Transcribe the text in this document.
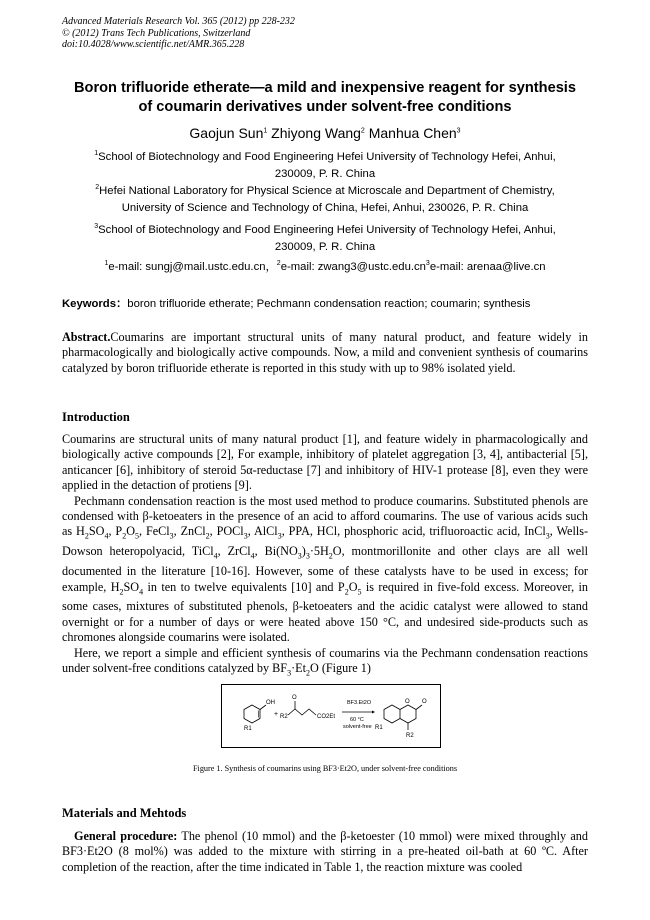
Advanced Materials Research Vol. 365 (2012) pp 228-232
© (2012) Trans Tech Publications, Switzerland
doi:10.4028/www.scientific.net/AMR.365.228
Boron trifluoride etherate—a mild and inexpensive reagent for synthesis
of coumarin derivatives under solvent-free conditions
Gaojun Sun$^1$ Zhiyong Wang$^2$ Manhua Chen$^3$
$^1$School of Biotechnology and Food Engineering Hefei University of Technology Hefei, Anhui,
230009, P. R. China
$^2$Hefei National Laboratory for Physical Science at Microscale and Department of Chemistry,
University of Science and Technology of China, Hefei, Anhui, 230026, P. R. China
$^3$School of Biotechnology and Food Engineering Hefei University of Technology Hefei, Anhui,
230009, P. R. China
$^1$e-mail: sungj@mail.ustc.edu.cn，$^2$e-mail: $zwang3@ustc.edu.cn^3e$-mail: arenaa@live.cn
Keywords：boron trifluoride etherate; Pechmann condensation reaction; coumarin; synthesis

Abstract.Coumarins are important structural units of many natural product, and feature widely in pharmacologically and biologically active compounds. Now, a mild and convenient synthesis of coumarins catalyzed by boron trifluoride etherate is reported in this study with up to 98% isolated yield.

Introduction

Coumarins are structural units of many natural product [1], and feature widely in pharmacologically and biologically active compounds [2], For example, inhibitory of platelet aggregation [3, 4], antibacterial [5], anticancer [6], inhibitory of steroid 5α-reductase [7] and inhibitory of HIV-1 protease [8], even they were applied in the detaction of protiens [9].

Pechmann condensation reaction is the most used method to produce coumarins. Substituted phenols are condensed with β-ketoeaters in the presence of an acid to afford coumarins. The use of various acids such as $H_2SO_4$, $P_2O_5$, FeCl$_3$, ZnCl$_2$, POCl$_3$, AlCl$_3$, PPA, HCl, phosphoric acid, trifluoroactic acid, InCl$_3$, Wells-Dowson heteropolyacid, TiCl$_4$, ZrCl$_4$, $Bi(NO_3)_3\cdot 5H_2O$, montmorillonite and other clays are all well documented in the literature [10-16]. However, some of these catalysts have to be used in excess; for example, $H_2SO_4$ in ten to twelve equivalents [10] and $P_2O_5$ is required in five-fold excess. Moreover, in some cases, mixtures of substituted phenols, β-ketoeaters and the acidic catalyst were allowed to stand overnight or for a number of days or were heated above 150 °C, and undesired side-products such as chromones alongside coumarins were isolated.

Here, we report a simple and efficient synthesis of coumarins via the Pechmann condensation reactions under solvent-free conditions catalyzed by $BF_3\cdot Et_2O$ (Figure 1)

OH
R1
+ R2
O
CO2Et
BF3.Et2O
60 °C
solvent-free
O O
R1
R2
Figure 1. Synthesis of coumarins using BF3·Et2O, under solvent-free conditions
Materials and Mehtods

General procedure: The phenol (10 mmol) and the β-ketoester (10 mmol) were mixed throughly and BF3·Et2O (8 mol%) was added to the mixture with stirring in a pre-heated oil-bath at 60 ºC. After completion of the reaction, after the time indicated in Table 1, the reaction mixture was cooled
